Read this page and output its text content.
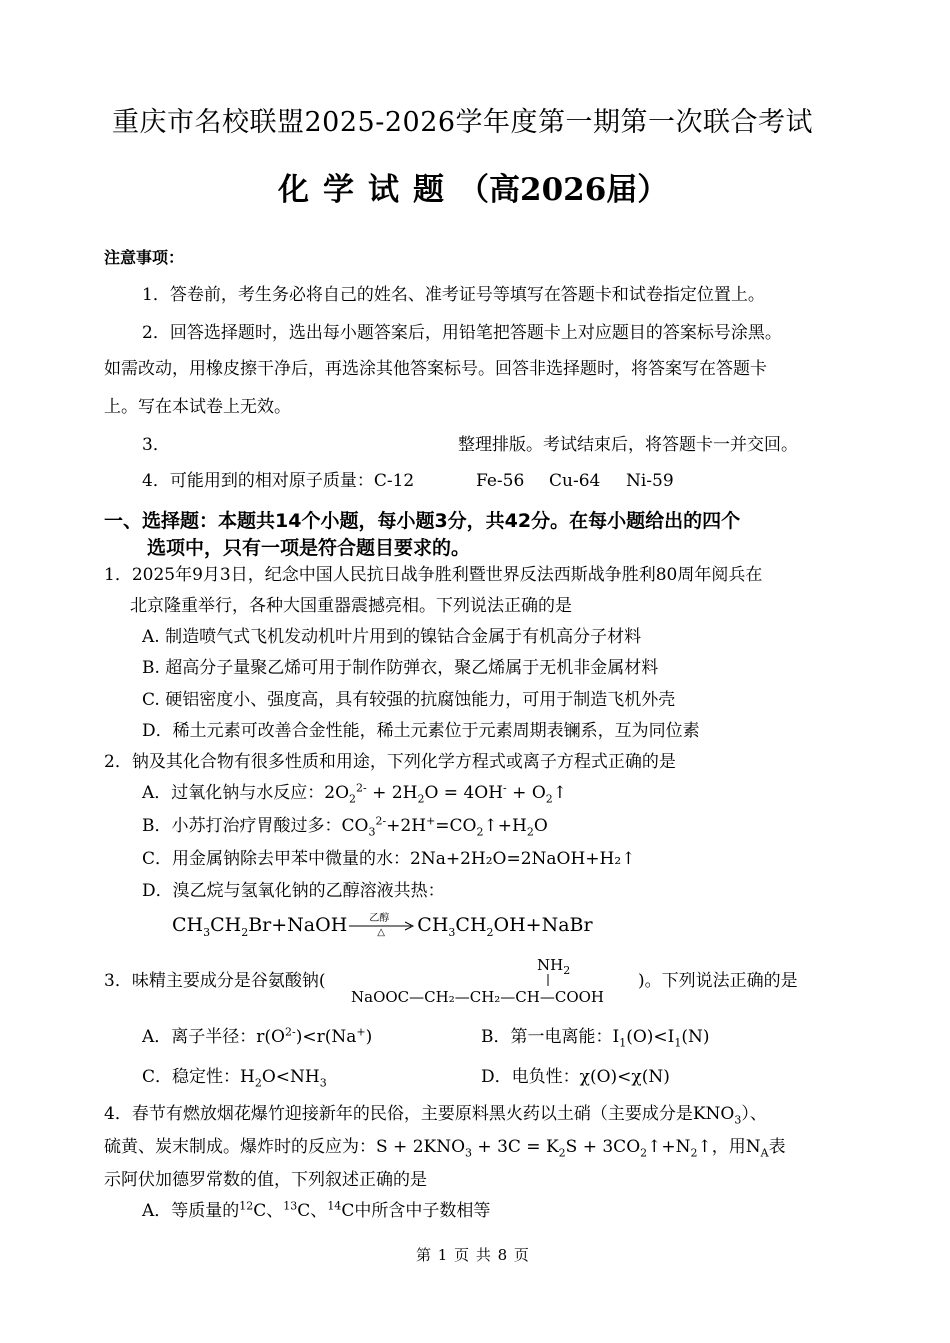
重庆市名校联盟2025-2026学年度第一期第一次联合考试
化学试题（高2026届）
注意事项：
1．答卷前，考生务必将自己的姓名、准考证号等填写在答题卡和试卷指定位置上。
2．回答选择题时，选出每小题答案后，用铅笔把答题卡上对应题目的答案标号涂黑。
如需改动，用橡皮擦干净后，再选涂其他答案标号。回答非选择题时，将答案写在答题卡
上。写在本试卷上无效。
3．	整理排版。考试结束后，将答题卡一并交回。
4．可能用到的相对原子质量：C-12	Fe-56 Cu-64 Ni-59
一、选择题：本题共14个小题，每小题3分，共42分。在每小题给出的四个
选项中，只有一项是符合题目要求的。
1．2025年9月3日，纪念中国人民抗日战争胜利暨世界反法西斯战争胜利80周年阅兵在
北京隆重举行，各种大国重器震撼亮相。下列说法正确的是
A. 制造喷气式飞机发动机叶片用到的镍钴合金属于有机高分子材料
B. 超高分子量聚乙烯可用于制作防弹衣，聚乙烯属于无机非金属材料
C. 硬铝密度小、强度高，具有较强的抗腐蚀能力，可用于制造飞机外壳
D．稀土元素可改善合金性能，稀土元素位于元素周期表镧系，互为同位素
2．钠及其化合物有很多性质和用途，下列化学方程式或离子方程式正确的是
A．过氧化钠与水反应：$2O_2^{2-} + 2H_2O = 4OH^-$ + $O_2↑$
B．小苏打治疗胃酸过多：$CO_3^{2-}+2H^+=CO_2↑+H_2O$
C．用金属钠除去甲苯中微量的水：2Na+2H₂O=2NaOH+H₂↑
D．溴乙烷与氢氧化钠的乙醇溶液共热：
$CH_3CH_2Br+NaOH$ 乙醇
△ $CH_3CH_2OH+NaBr$
3．味精主要成分是谷氨酸钠(
$NH_2$
NaOOC—CH₂—CH₂—CH—COOH
)。下列说法正确的是
A．离子半径：$r(O^{2-})<r(Na^+)$	B．第一电离能：$I_1(O)<I_1(N)$
C．稳定性：$H_2O<NH_3$	D．电负性：χ(O)<χ(N)
4．春节有燃放烟花爆竹迎接新年的民俗，主要原料黑火药以土硝（主要成分是$KNO_3$）、
硫黄、炭末制成。爆炸时的反应为：$S + 2KNO_3 + 3C = K_2S$ + $3CO_2↑+N_2↑$，用$N_A$表
示阿伏加德罗常数的值，下列叙述正确的是
A．等质量的$^{12}$C、$^{13}$C、$^{14}$C中所含中子数相等
第 1 页 共 8 页
